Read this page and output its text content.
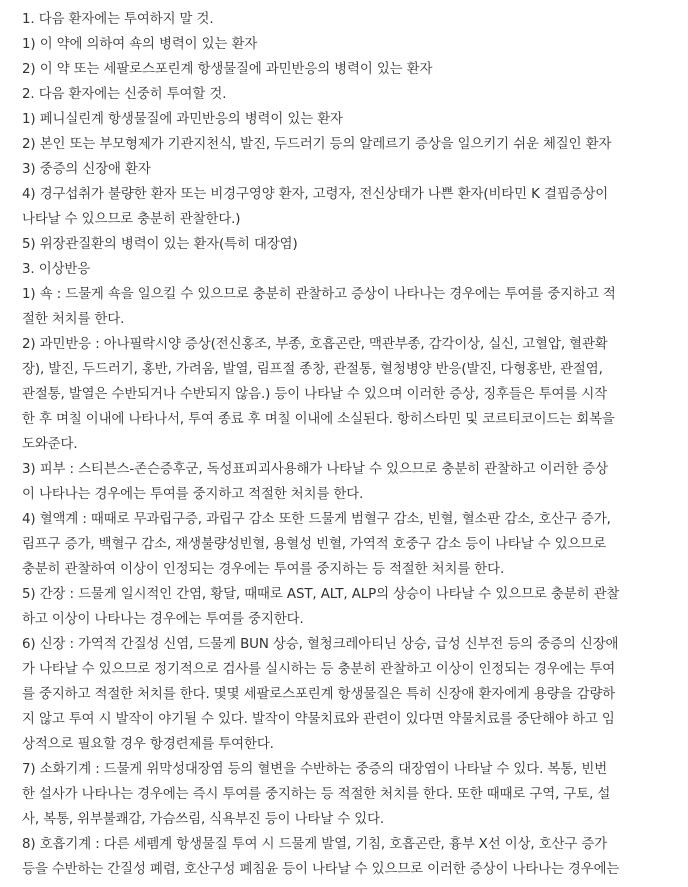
1. 다음 환자에는 투여하지 말 것.
1) 이 약에 의하여 쇽의 병력이 있는 환자
2) 이 약 또는 세팔로스포린계 항생물질에 과민반응의 병력이 있는 환자
2. 다음 환자에는 신중히 투여할 것.
1) 페니실린계 항생물질에 과민반응의 병력이 있는 환자
2) 본인 또는 부모형제가 기관지천식, 발진, 두드러기 등의 알레르기 증상을 일으키기 쉬운 체질인 환자
3) 중증의 신장애 환자
4) 경구섭취가 불량한 환자 또는 비경구영양 환자, 고령자, 전신상태가 나쁜 환자(비타민 K 결핍증상이
나타날 수 있으므로 충분히 관찰한다.)
5) 위장관질환의 병력이 있는 환자(특히 대장염)
3. 이상반응
1) 쇽 : 드물게 쇽을 일으킬 수 있으므로 충분히 관찰하고 증상이 나타나는 경우에는 투여를 중지하고 적
절한 처치를 한다.
2) 과민반응 : 아나필락시양 증상(전신홍조, 부종, 호흡곤란, 맥관부종, 감각이상, 실신, 고혈압, 혈관확
장), 발진, 두드러기, 홍반, 가려움, 발열, 림프절 종창, 관절통, 혈청병양 반응(발진, 다형홍반, 관절염,
관절통, 발열은 수반되거나 수반되지 않음.) 등이 나타날 수 있으며 이러한 증상, 징후들은 투여를 시작
한 후 며칠 이내에 나타나서, 투여 종료 후 며칠 이내에 소실된다. 항히스타민 및 코르티코이드는 회복을
도와준다.
3) 피부 : 스티븐스-존슨증후군, 독성표피괴사용해가 나타날 수 있으므로 충분히 관찰하고 이러한 증상
이 나타나는 경우에는 투여를 중지하고 적절한 처치를 한다.
4) 혈액계 : 때때로 무과립구증, 과립구 감소 또한 드물게 범혈구 감소, 빈혈, 혈소판 감소, 호산구 증가,
림프구 증가, 백혈구 감소, 재생불량성빈혈, 용혈성 빈혈, 가역적 호중구 감소 등이 나타날 수 있으므로
충분히 관찰하여 이상이 인정되는 경우에는 투여를 중지하는 등 적절한 처치를 한다.
5) 간장 : 드물게 일시적인 간염, 황달, 때때로 AST, ALT, ALP의 상승이 나타날 수 있으므로 충분히 관찰
하고 이상이 나타나는 경우에는 투여를 중지한다.
6) 신장 : 가역적 간질성 신염, 드물게 BUN 상승, 혈청크레아티닌 상승, 급성 신부전 등의 중증의 신장애
가 나타날 수 있으므로 정기적으로 검사를 실시하는 등 충분히 관찰하고 이상이 인정되는 경우에는 투여
를 중지하고 적절한 처치를 한다. 몇몇 세팔로스포린계 항생물질은 특히 신장애 환자에게 용량을 감량하
지 않고 투여 시 발작이 야기될 수 있다. 발작이 약물치료와 관련이 있다면 약물치료를 중단해야 하고 임
상적으로 필요할 경우 항경련제를 투여한다.
7) 소화기계 : 드물게 위막성대장염 등의 혈변을 수반하는 중증의 대장염이 나타날 수 있다. 복통, 빈번
한 설사가 나타나는 경우에는 즉시 투여를 중지하는 등 적절한 처치를 한다. 또한 때때로 구역, 구토, 설
사, 복통, 위부불쾌감, 가슴쓰림, 식욕부진 등이 나타날 수 있다.
8) 호흡기계 : 다른 세펨계 항생물질 투여 시 드물게 발열, 기침, 호흡곤란, 흉부 X선 이상, 호산구 증가
등을 수반하는 간질성 폐렴, 호산구성 폐침윤 등이 나타날 수 있으므로 이러한 증상이 나타나는 경우에는
